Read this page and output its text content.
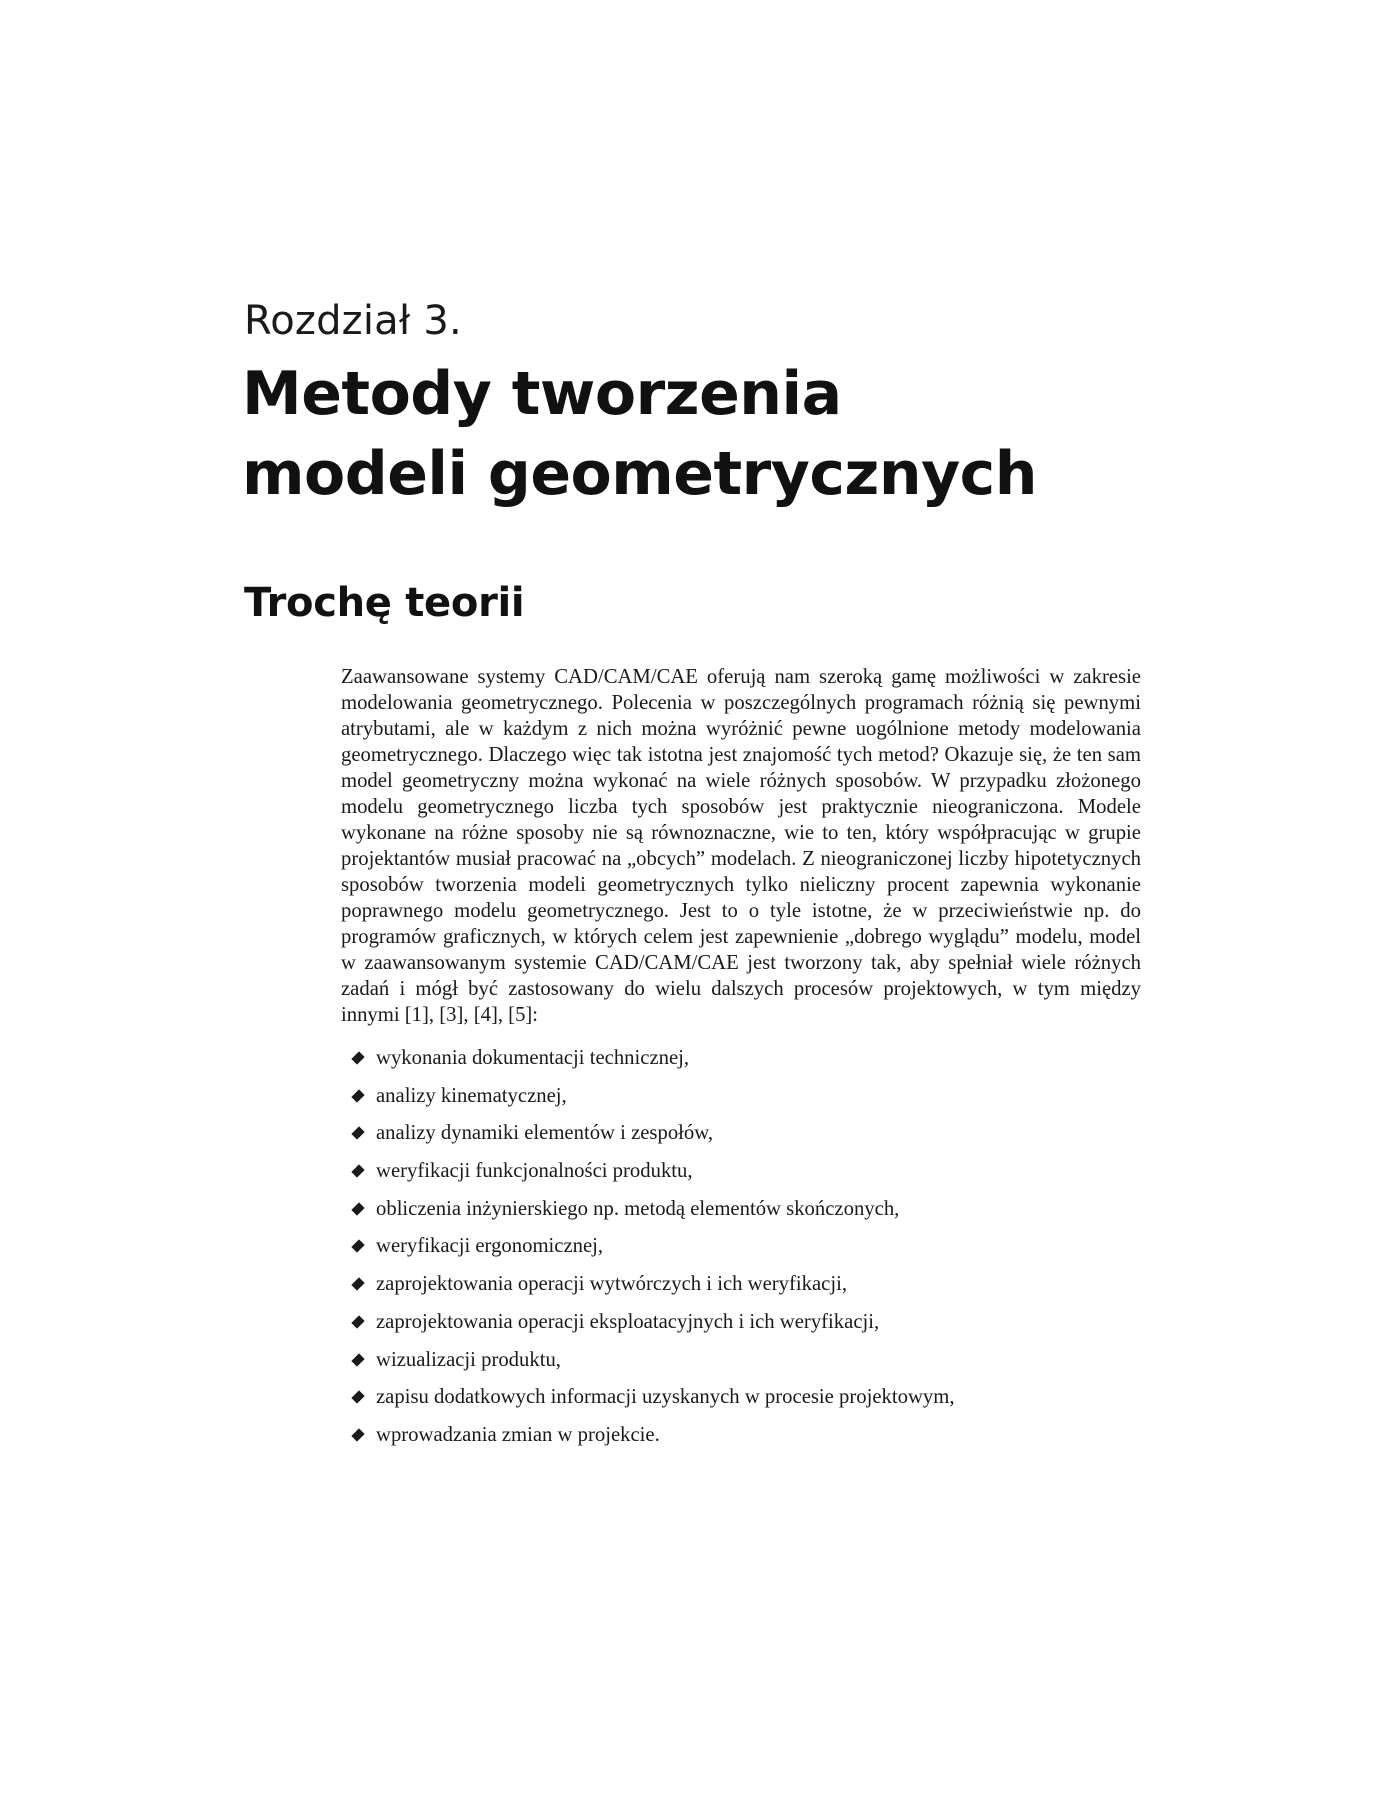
Rozdział 3.
Metody tworzenia
modeli geometrycznych
Trochę teorii

Zaawansowane systemy CAD/CAM/CAE oferują nam szeroką gamę możliwości w zakresie modelowania geometrycznego. Polecenia w poszczególnych programach różnią się pewnymi atrybutami, ale w każdym z nich można wyróżnić pewne uogólnione metody modelowania geometrycznego. Dlaczego więc tak istotna jest znajomość tych metod? Okazuje się, że ten sam model geometryczny można wykonać na wiele różnych sposobów. W przypadku złożonego modelu geometrycznego liczba tych sposobów jest praktycznie nieograniczona. Modele wykonane na różne sposoby nie są równoznaczne, wie to ten, który współpracując w grupie projektantów musiał pracować na „obcych” modelach. Z nieograniczonej liczby hipotetycznych sposobów tworzenia modeli geometrycznych tylko nieliczny procent zapewnia wykonanie poprawnego modelu geometrycznego. Jest to o tyle istotne, że w przeciwieństwie np. do programów graficznych, w których celem jest zapewnienie „dobrego wyglądu” modelu, model w zaawansowanym systemie CAD/CAM/​CAE jest tworzony tak, aby spełniał wiele różnych zadań i mógł być zastosowany do wielu dalszych procesów projektowych, w tym między innymi [1], [3], [4], [5]:

wykonania dokumentacji technicznej,
analizy kinematycznej,
analizy dynamiki elementów i zespołów,
weryfikacji funkcjonalności produktu,
obliczenia inżynierskiego np. metodą elementów skończonych,
weryfikacji ergonomicznej,
zaprojektowania operacji wytwórczych i ich weryfikacji,
zaprojektowania operacji eksploatacyjnych i ich weryfikacji,
wizualizacji produktu,
zapisu dodatkowych informacji uzyskanych w procesie projektowym,
wprowadzania zmian w projekcie.
